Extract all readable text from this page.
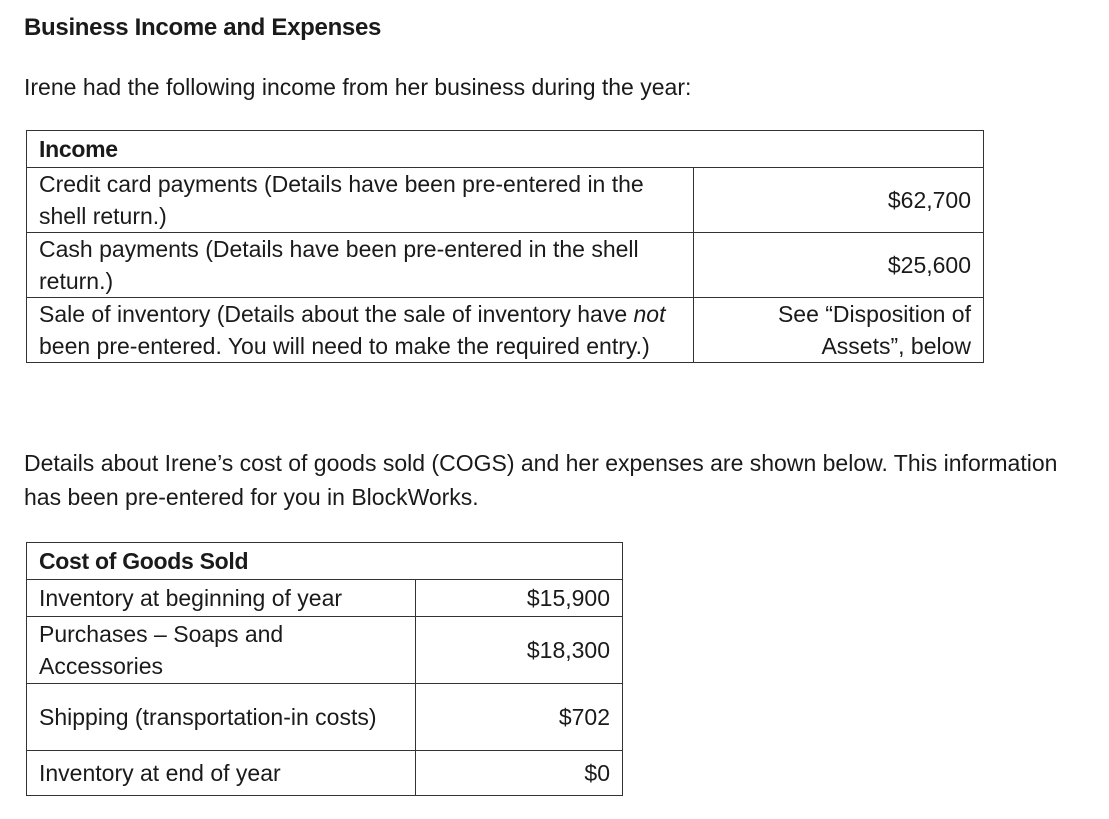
Business Income and Expenses

Irene had the following income from her business during the year:

Income	
Credit card payments (Details have been pre-entered in the shell return.)	$62,700
Cash payments (Details have been pre-entered in the shell return.)	$25,600
Sale of inventory (Details about the sale of inventory have not been pre-entered. You will need to make the required entry.)	See “Disposition of Assets”, below

Details about Irene’s cost of goods sold (COGS) and her expenses are shown below. This information has been pre-entered for you in BlockWorks.

Cost of Goods Sold	
Inventory at beginning of year	$15,900
Purchases – Soaps and Accessories	$18,300
Shipping (transportation-in costs)	$702
Inventory at end of year	$0
